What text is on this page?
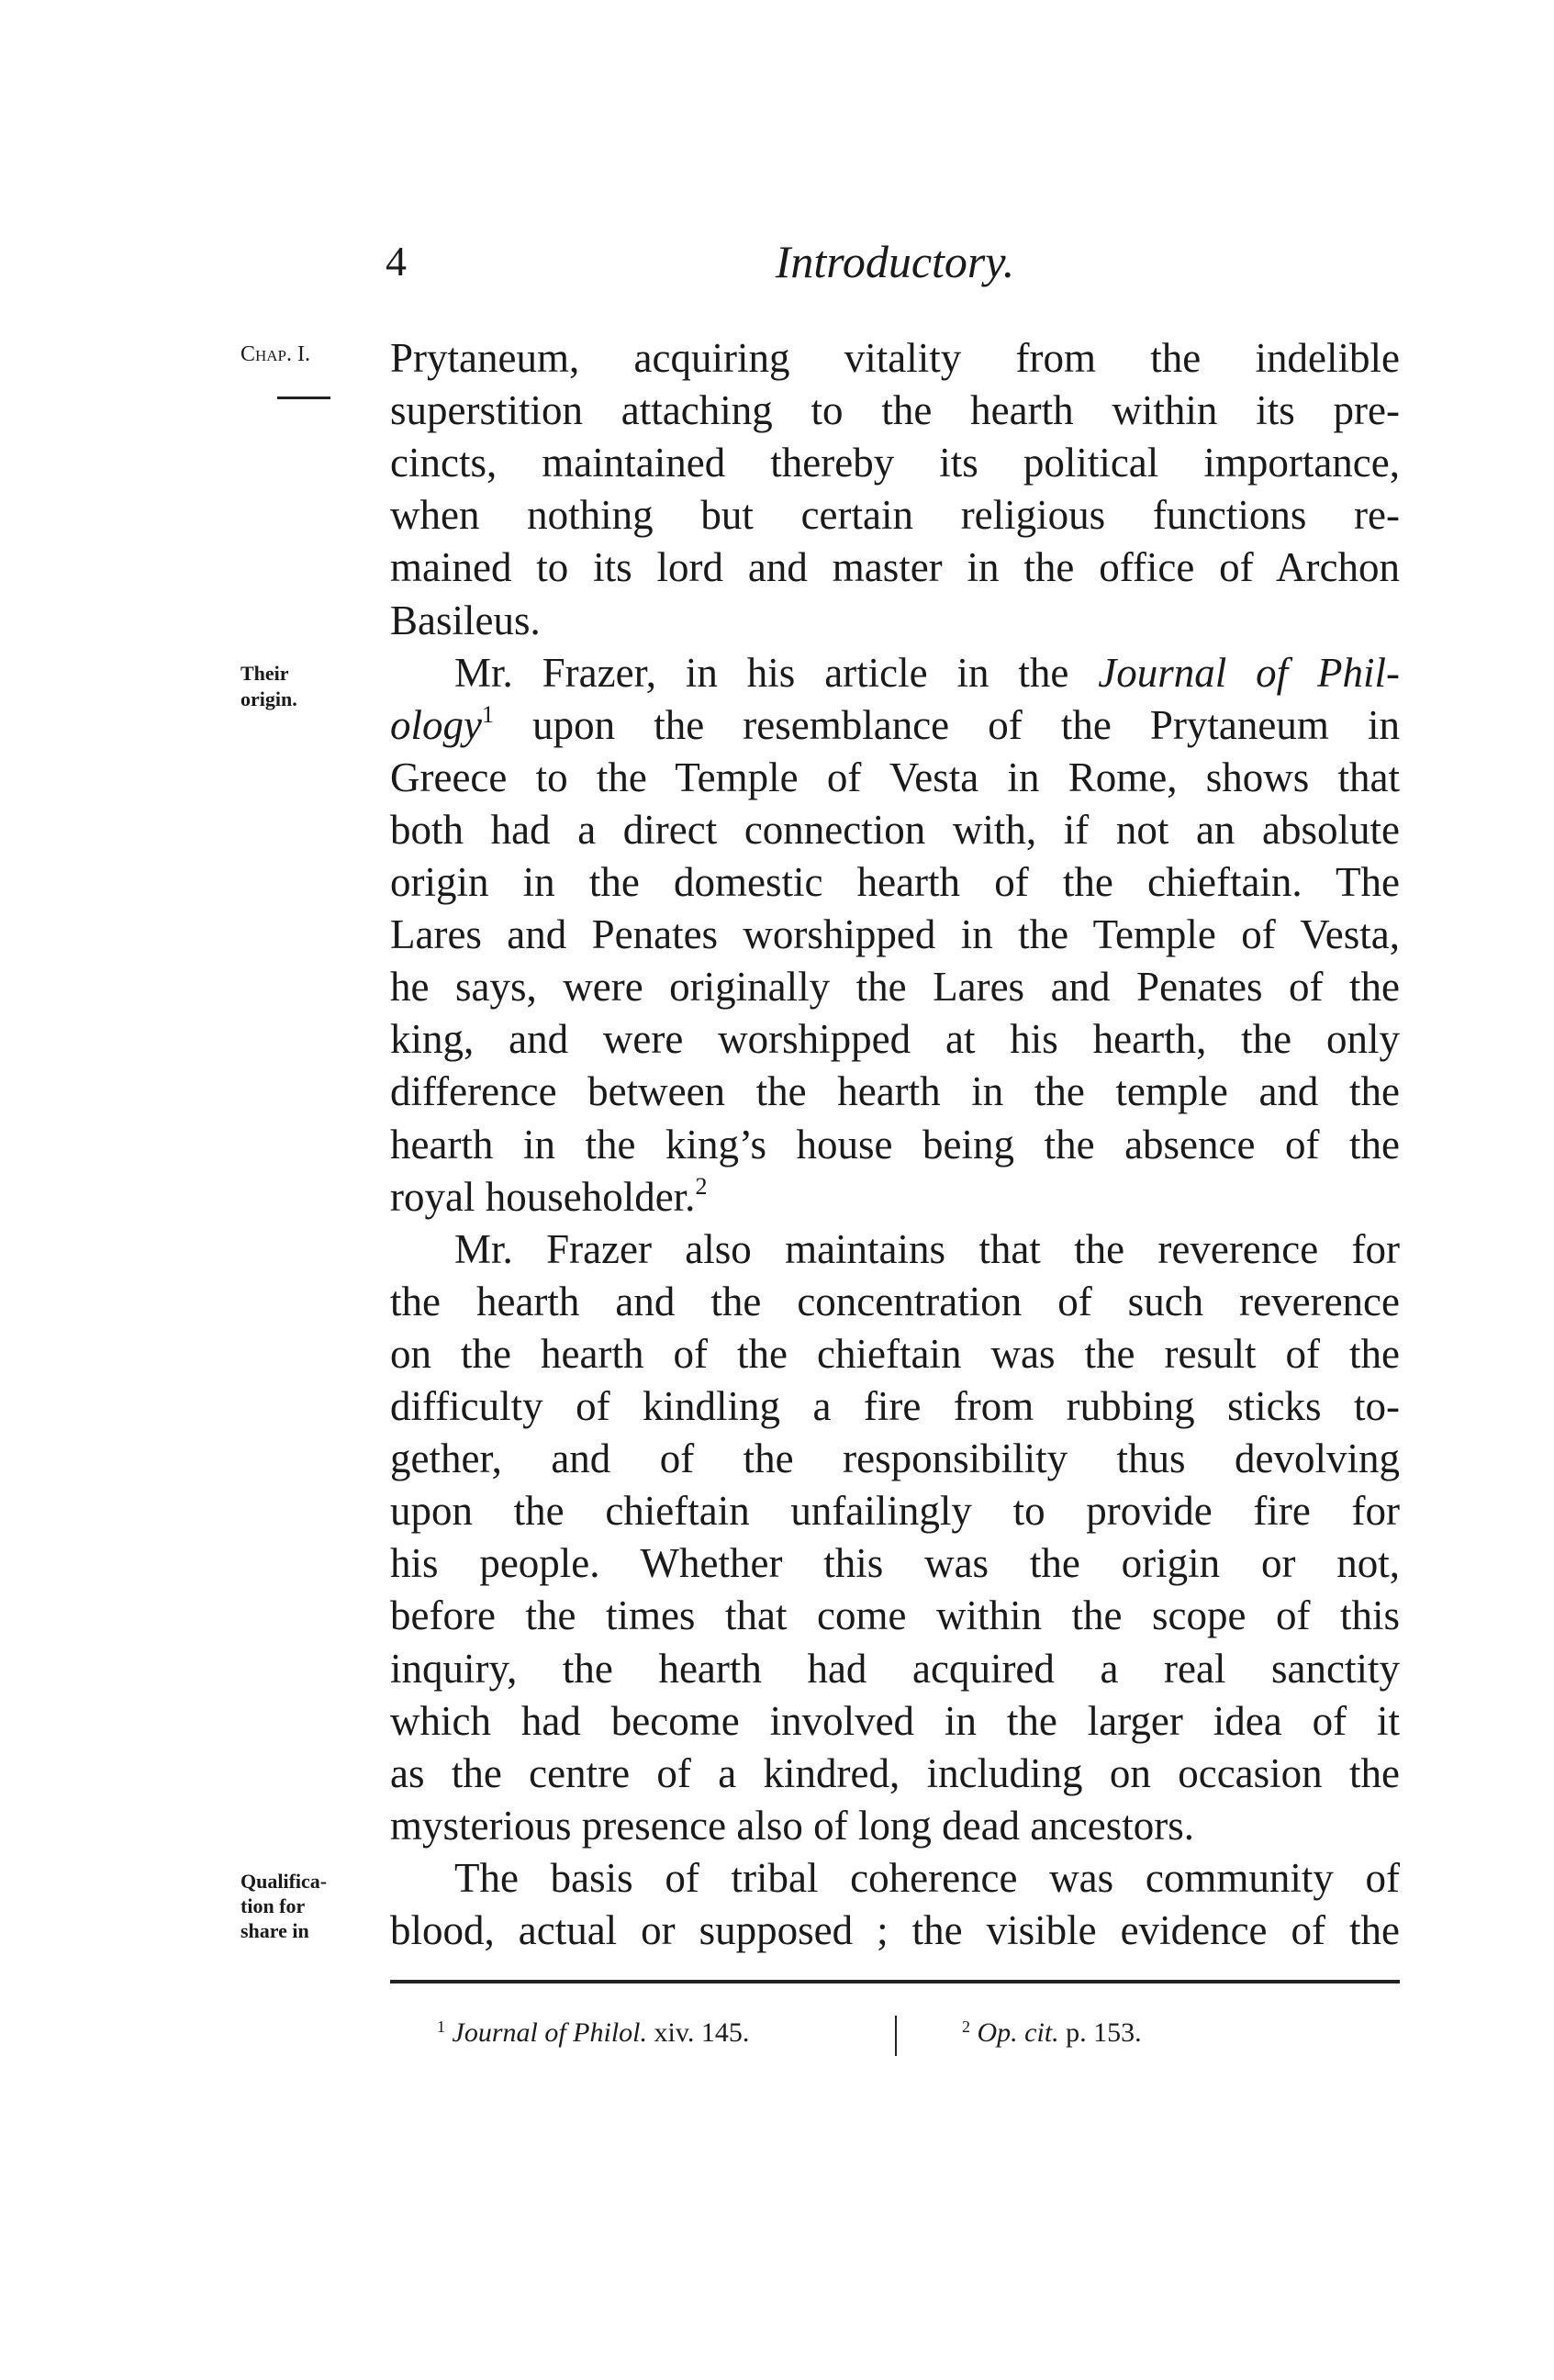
4	Introductory.
Chap. I.
Their
origin.
Qualifica-
tion for
share in
Prytaneum, acquiring vitality from the indelible
superstition attaching to the hearth within its pre-
cincts, maintained thereby its political importance,
when nothing but certain religious functions re-
mained to its lord and master in the office of Archon
Basileus.
Mr. Frazer, in his article in the Journal of Phil-
ology$^1$ upon the resemblance of the Prytaneum in
Greece to the Temple of Vesta in Rome, shows that
both had a direct connection with, if not an absolute
origin in the domestic hearth of the chieftain. The
Lares and Penates worshipped in the Temple of Vesta,
he says, were originally the Lares and Penates of the
king, and were worshipped at his hearth, the only
difference between the hearth in the temple and the
hearth in the king’s house being the absence of the
royal householder.$^2$
Mr. Frazer also maintains that the reverence for
the hearth and the concentration of such reverence
on the hearth of the chieftain was the result of the
difficulty of kindling a fire from rubbing sticks to-
gether, and of the responsibility thus devolving
upon the chieftain unfailingly to provide fire for
his people. Whether this was the origin or not,
before the times that come within the scope of this
inquiry, the hearth had acquired a real sanctity
which had become involved in the larger idea of it
as the centre of a kindred, including on occasion the
mysterious presence also of long dead ancestors.
The basis of tribal coherence was community of
blood, actual or supposed ; the visible evidence of the
$^1$ Journal of Philol. xiv. 145.	$^2$ Op. cit. p. 153.
